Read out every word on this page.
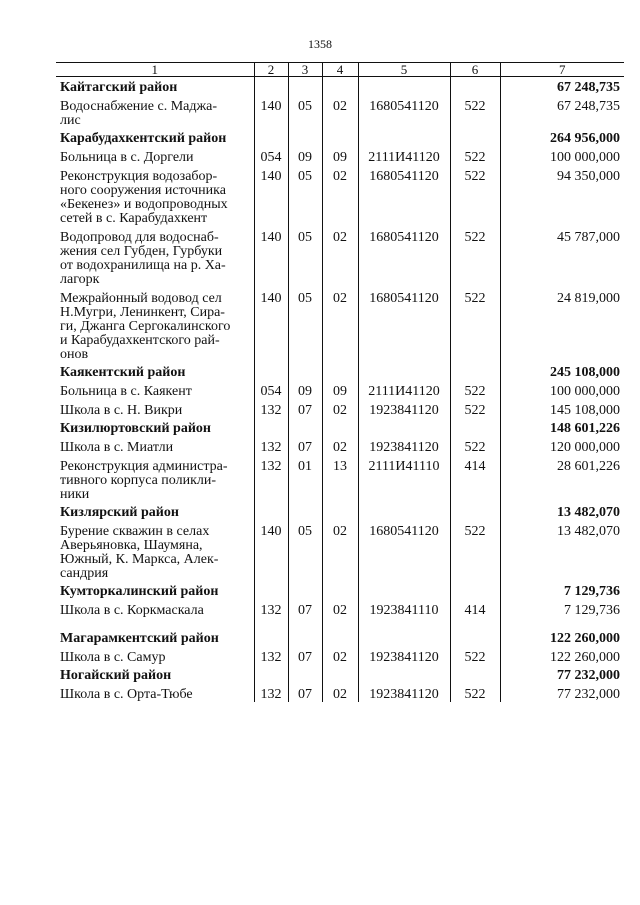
1358
1	2	3	4	5	6	7
Кайтагский район						67 248,735
Водоснабжение с. Маджа-
лис	140	05	02	1680541120	522	67 248,735
Карабудахкентский район						264 956,000
Больница в с. Доргели	054	09	09	2111И41120	522	100 000,000
Реконструкция водозабор-
ного сооружения источника
«Бекенез» и водопроводных
сетей в с. Карабудахкент	140	05	02	1680541120	522	94 350,000
Водопровод для водоснаб-
жения сел Губден, Гурбуки
от водохранилища на р. Ха-
лагорк	140	05	02	1680541120	522	45 787,000
Межрайонный водовод сел
Н.Мугри, Ленинкент, Сира-
ги, Джанга Сергокалинского
и Карабудахкентского рай-
онов	140	05	02	1680541120	522	24 819,000
Каякентский район						245 108,000
Больница в с. Каякент	054	09	09	2111И41120	522	100 000,000
Школа в с. Н. Викри	132	07	02	1923841120	522	145 108,000
Кизилюртовский район						148 601,226
Школа в с. Миатли	132	07	02	1923841120	522	120 000,000
Реконструкция администра-
тивного корпуса поликли-
ники	132	01	13	2111И41110	414	28 601,226
Кизлярский район						13 482,070
Бурение скважин в селах
Аверьяновка, Шаумяна,
Южный, К. Маркса, Алек-
сандрия	140	05	02	1680541120	522	13 482,070
Кумторкалинский район						7 129,736
Школа в с. Коркмаскала	132	07	02	1923841110	414	7 129,736

Магарамкентский район						122 260,000
Школа в с. Самур	132	07	02	1923841120	522	122 260,000
Ногайский район						77 232,000
Школа в с. Орта-Тюбе	132	07	02	1923841120	522	77 232,000
